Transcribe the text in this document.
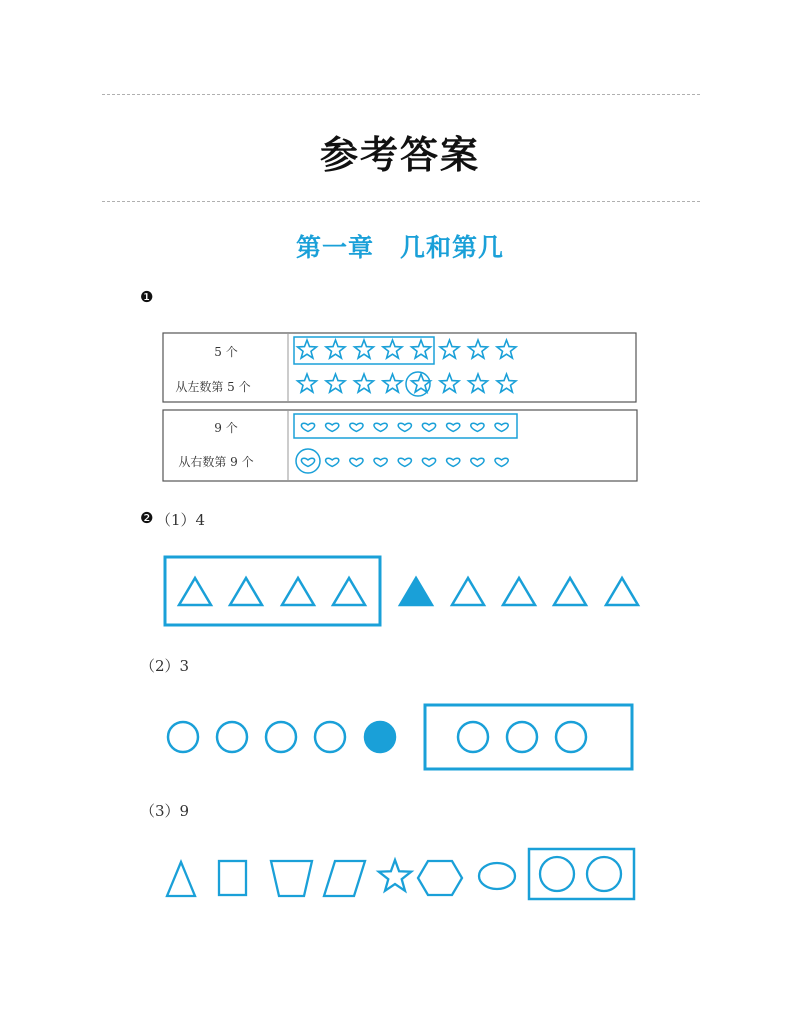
参考答案
第一章　几和第几
❶
5 个
从左数第 5 个
9 个
从右数第 9 个
❷ （1）4
（2）3
（3）9
